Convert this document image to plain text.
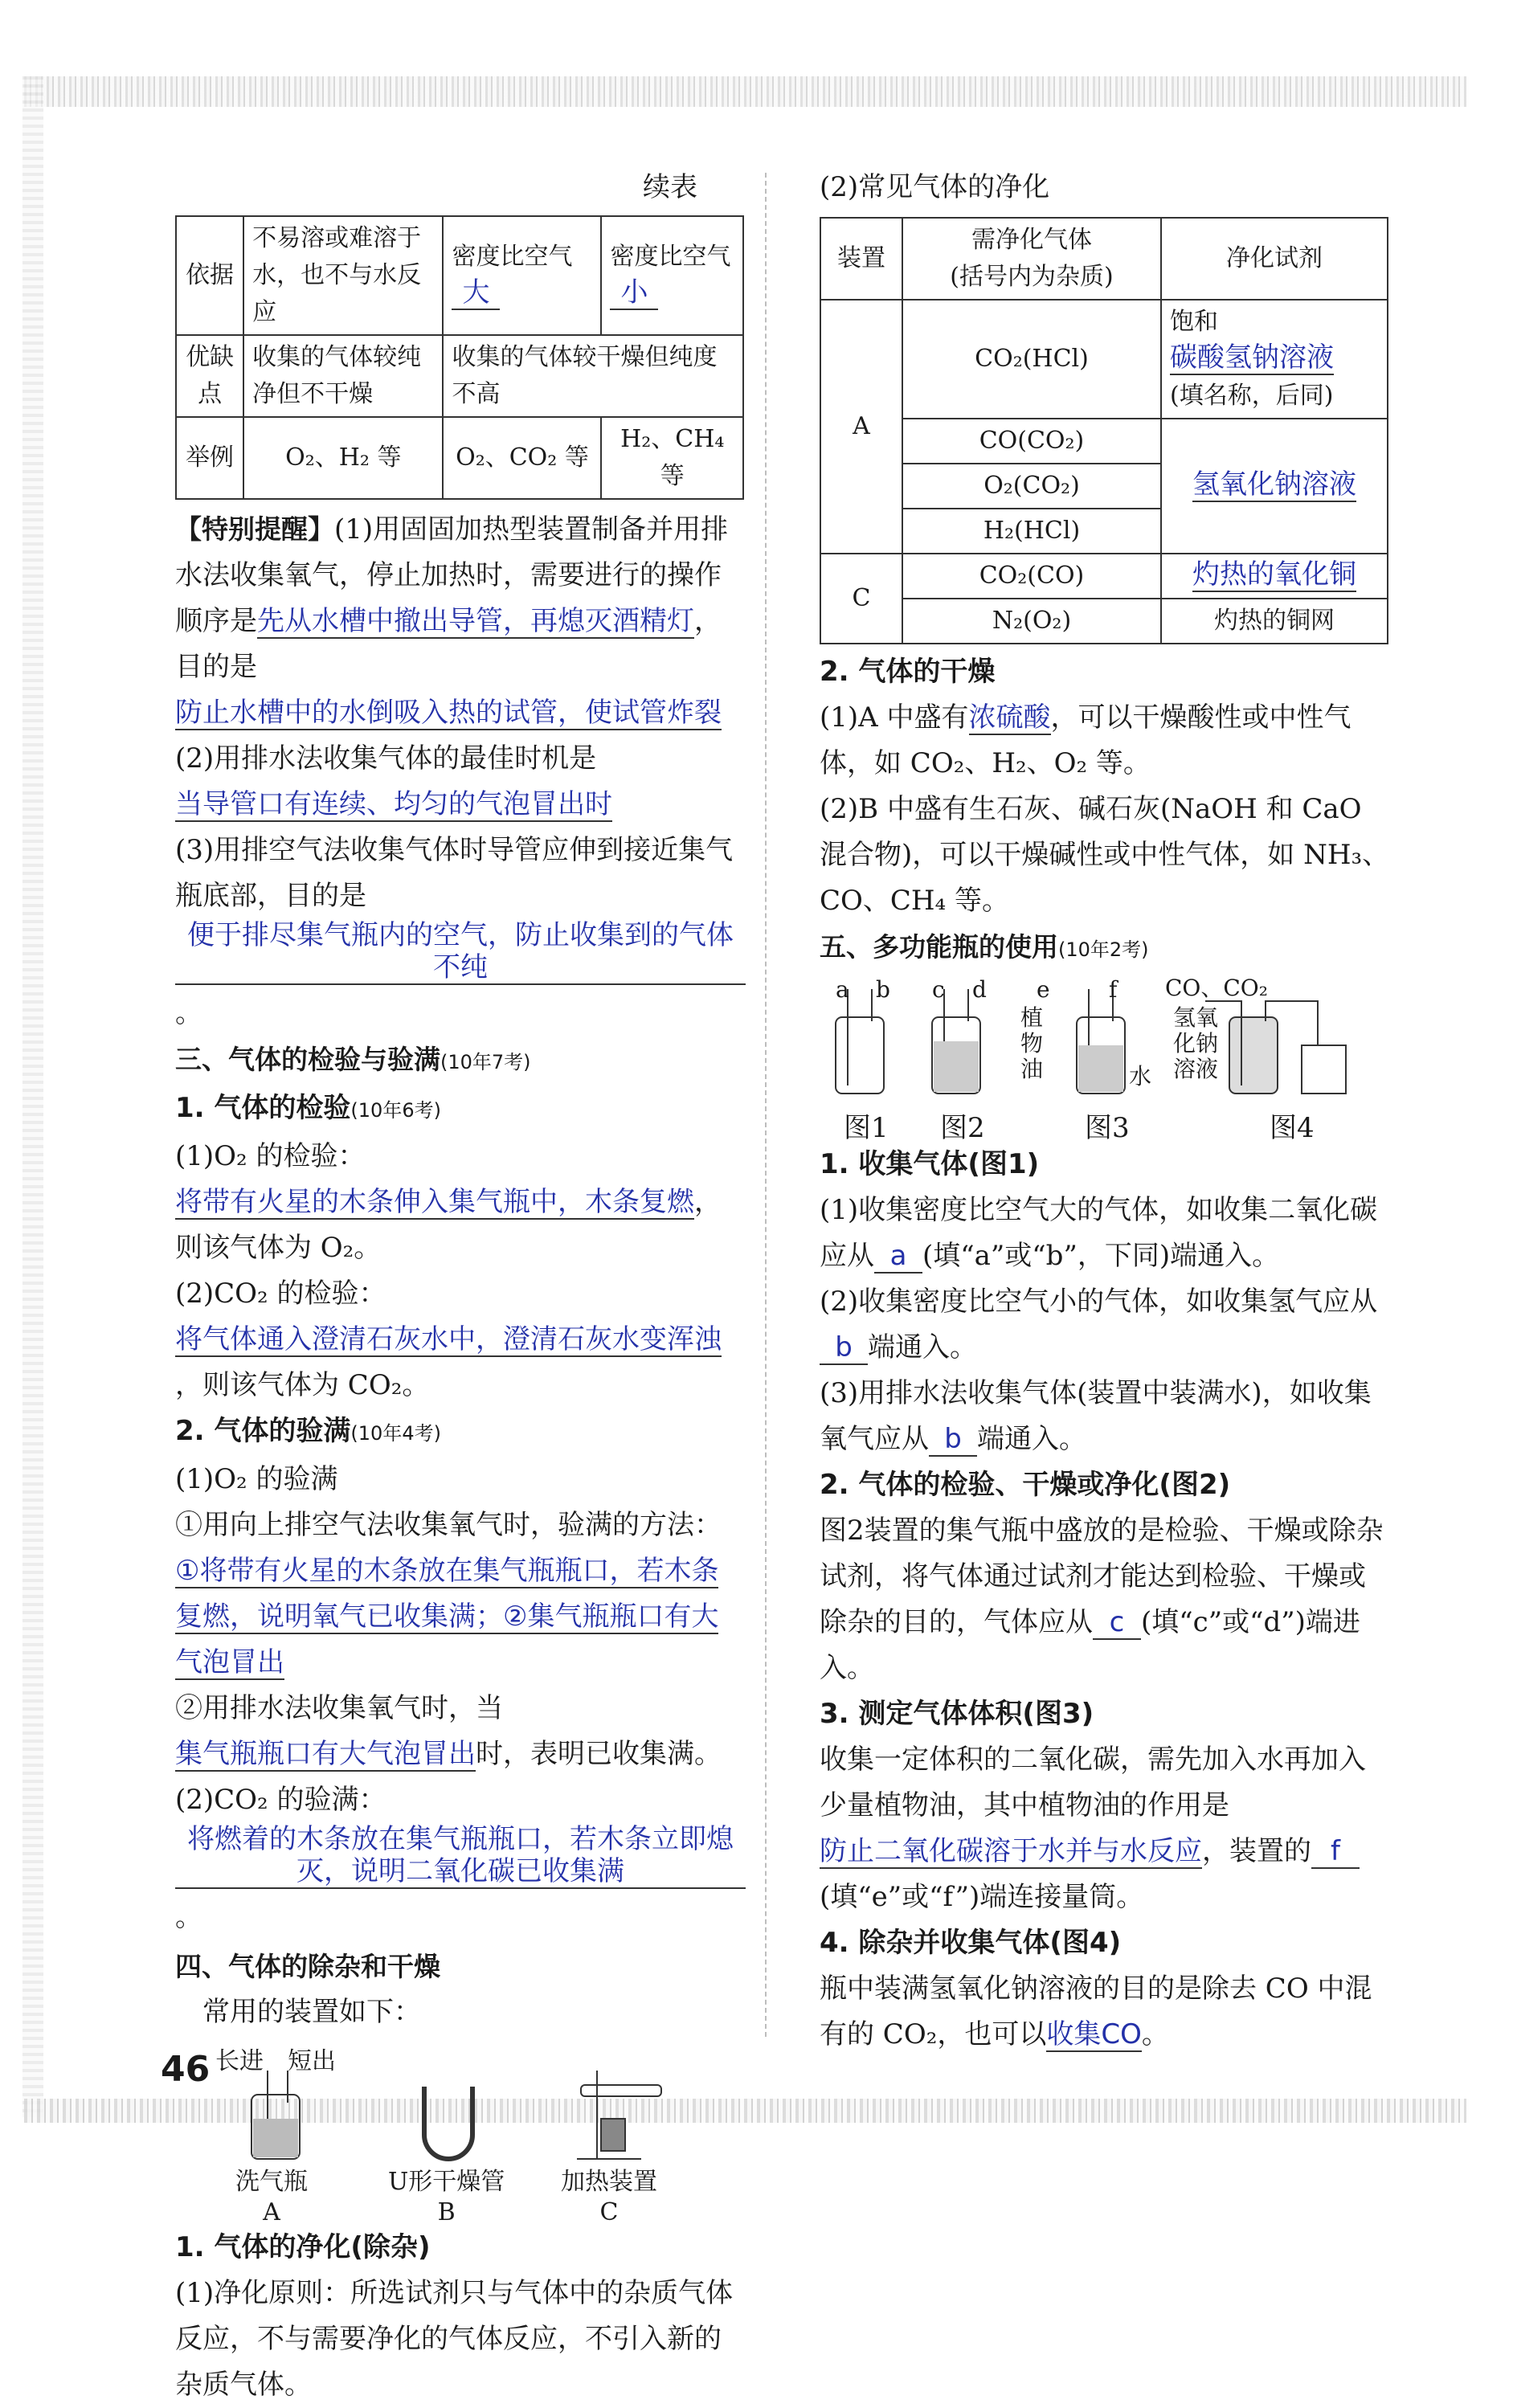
续表
依据	不易溶或难溶于水，也不与水反应	密度比空气 大	密度比空气 小
优缺点	收集的气体较纯净但不干燥	收集的气体较干燥但纯度不高	
举例	O₂、H₂ 等	O₂、CO₂ 等	H₂、CH₄ 等

【特别提醒】(1)用固固加热型装置制备并用排水法收集氧气，停止加热时，需要进行的操作顺序是先从水槽中撤出导管，再熄灭酒精灯，目的是防止水槽中的水倒吸入热的试管，使试管炸裂

(2)用排水法收集气体的最佳时机是当导管口有连续、均匀的气泡冒出时

(3)用排空气法收集气体时导管应伸到接近集气瓶底部，目的是便于排尽集气瓶内的空气，防止收集到的气体不纯。

三、气体的检验与验满(10年7考)

1. 气体的检验(10年6考)

(1)O₂ 的检验：将带有火星的木条伸入集气瓶中，木条复燃，则该气体为 O₂。

(2)CO₂ 的检验：将气体通入澄清石灰水中，澄清石灰水变浑浊，则该气体为 CO₂。

2. 气体的验满(10年4考)

(1)O₂ 的验满

①用向上排空气法收集氧气时，验满的方法：

①将带有火星的木条放在集气瓶瓶口，若木条复燃，说明氧气已收集满；②集气瓶瓶口有大气泡冒出

②用排水法收集氧气时，当集气瓶瓶口有大气泡冒出时，表明已收集满。

(2)CO₂ 的验满：将燃着的木条放在集气瓶瓶口，若木条立即熄灭，说明二氧化碳已收集满。

四、气体的除杂和干燥

常用的装置如下：

长进 短出
洗气瓶
A
U形干燥管
B
加热装置
C

1. 气体的净化(除杂)

(1)净化原则：所选试剂只与气体中的杂质气体反应，不与需要净化的气体反应，不引入新的杂质气体。

(2)常见气体的净化

装置	需净化气体
(括号内为杂质)	净化试剂
A	CO₂(HCl)	饱和碳酸氢钠溶液
(填名称，后同)

	CO(CO₂)	氢氧化钠溶液
	O₂(CO₂)	
	H₂(HCl)	
C	CO₂(CO)	灼热的氧化铜
	N₂(O₂)	灼热的铜网

2. 气体的干燥

(1)A 中盛有浓硫酸，可以干燥酸性或中性气体，如 CO₂、H₂、O₂ 等。

(2)B 中盛有生石灰、碱石灰(NaOH 和 CaO 混合物)，可以干燥碱性或中性气体，如 NH₃、CO、CH₄ 等。

五、多功能瓶的使用(10年2考)

a b c d e	f
植物油	水
CO、CO₂
氢氧化钠溶液
图1 图2	图3	图4

1. 收集气体(图1)

(1)收集密度比空气大的气体，如收集二氧化碳应从 a (填“a”或“b”，下同)端通入。

(2)收集密度比空气小的气体，如收集氢气应从b 端通入。

(3)用排水法收集气体(装置中装满水)，如收集氧气应从 b 端通入。

2. 气体的检验、干燥或净化(图2)

图2装置的集气瓶中盛放的是检验、干燥或除杂试剂，将气体通过试剂才能达到检验、干燥或除杂的目的，气体应从 c (填“c”或“d”)端进入。

3. 测定气体体积(图3)

收集一定体积的二氧化碳，需先加入水再加入少量植物油，其中植物油的作用是防止二氧化碳溶于水并与水反应，装置的 f(填“e”或“f”)端连接量筒。

4. 除杂并收集气体(图4)

瓶中装满氢氧化钠溶液的目的是除去 CO 中混有的 CO₂，也可以收集CO。

46
